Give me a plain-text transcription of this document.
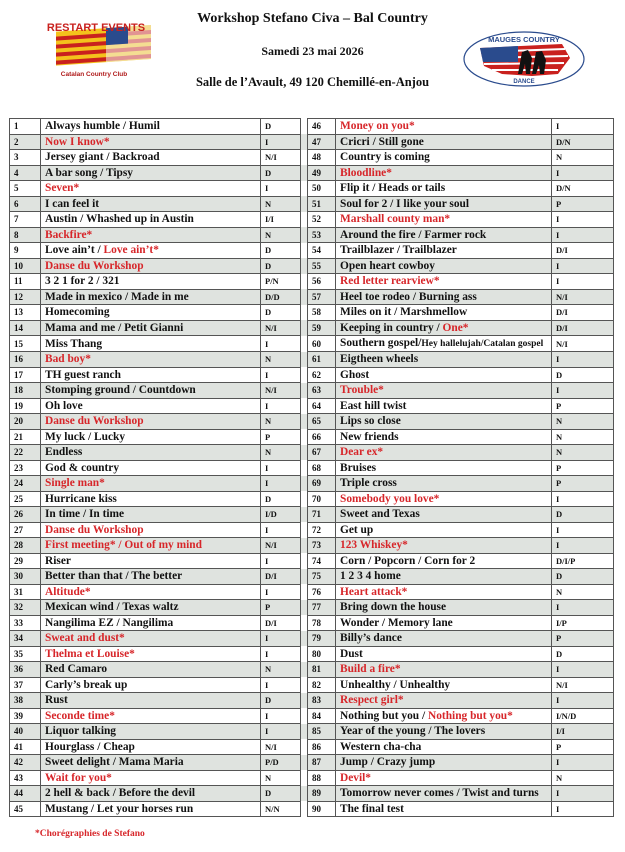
RESTART EVENTS
Catalan Country Club
Workshop Stefano Civa – Bal Country
Samedi 23 mai 2026
Salle de l’Avault, 49 120 Chemillé-en-Anjou
MAUGES COUNTRY
DANCE
1	Always humble / Humil	D		46	Money on you*	I
2	Now I know*	I		47	Cricri / Still gone	D/N
3	Jersey giant / Backroad	N/I		48	Country is coming	N
4	A bar song / Tipsy	D		49	Bloodline*	I
5	Seven*	I		50	Flip it / Heads or tails	D/N
6	I can feel it	N		51	Soul for 2 / I like your soul	P
7	Austin / Whashed up in Austin	I/I		52	Marshall county man*	I
8	Backfire*	N		53	Around the fire / Farmer rock	I
9	Love ain’t / Love ain’t*	D		54	Trailblazer / Trailblazer	D/I
10	Danse du Workshop	D		55	Open heart cowboy	I
11	3 2 1 for 2 / 321	P/N		56	Red letter rearview*	I
12	Made in mexico / Made in me	D/D		57	Heel toe rodeo / Burning ass	N/I
13	Homecoming	D		58	Miles on it / Marshmellow	D/I
14	Mama and me / Petit Gianni	N/I		59	Keeping in country / One*	D/I
15	Miss Thang	I		60	Southern gospel/Hey hallelujah/Catalan gospel	N/I
16	Bad boy*	N		61	Eigtheen wheels	I
17	TH guest ranch	I		62	Ghost	D
18	Stomping ground / Countdown	N/I		63	Trouble*	I
19	Oh love	I		64	East hill twist	P
20	Danse du Workshop	N		65	Lips so close	N
21	My luck / Lucky	P		66	New friends	N
22	Endless	N		67	Dear ex*	N
23	God & country	I		68	Bruises	P
24	Single man*	I		69	Triple cross	P
25	Hurricane kiss	D		70	Somebody you love*	I
26	In time / In time	I/D		71	Sweet and Texas	D
27	Danse du Workshop	I		72	Get up	I
28	First meeting* / Out of my mind	N/I		73	123 Whiskey*	I
29	Riser	I		74	Corn / Popcorn / Corn for 2	D/I/P
30	Better than that / The better	D/I		75	1 2 3 4 home	D
31	Altitude*	I		76	Heart attack*	N
32	Mexican wind / Texas waltz	P		77	Bring down the house	I
33	Nangilima EZ / Nangilima	D/I		78	Wonder / Memory lane	I/P
34	Sweat and dust*	I		79	Billy’s dance	P
35	Thelma et Louise*	I		80	Dust	D
36	Red Camaro	N		81	Build a fire*	I
37	Carly’s break up	I		82	Unhealthy / Unhealthy	N/I
38	Rust	D		83	Respect girl*	I
39	Seconde time*	I		84	Nothing but you / Nothing but you*	I/N/D
40	Liquor talking	I		85	Year of the young / The lovers	I/I
41	Hourglass / Cheap	N/I		86	Western cha-cha	P
42	Sweet delight / Mama Maria	P/D		87	Jump / Crazy jump	I
43	Wait for you*	N		88	Devil*	N
44	2 hell & back / Before the devil	D		89	Tomorrow never comes / Twist and turns	I
45	Mustang / Let your horses run	N/N		90	The final test	I
*Chorégraphies de Stefano
